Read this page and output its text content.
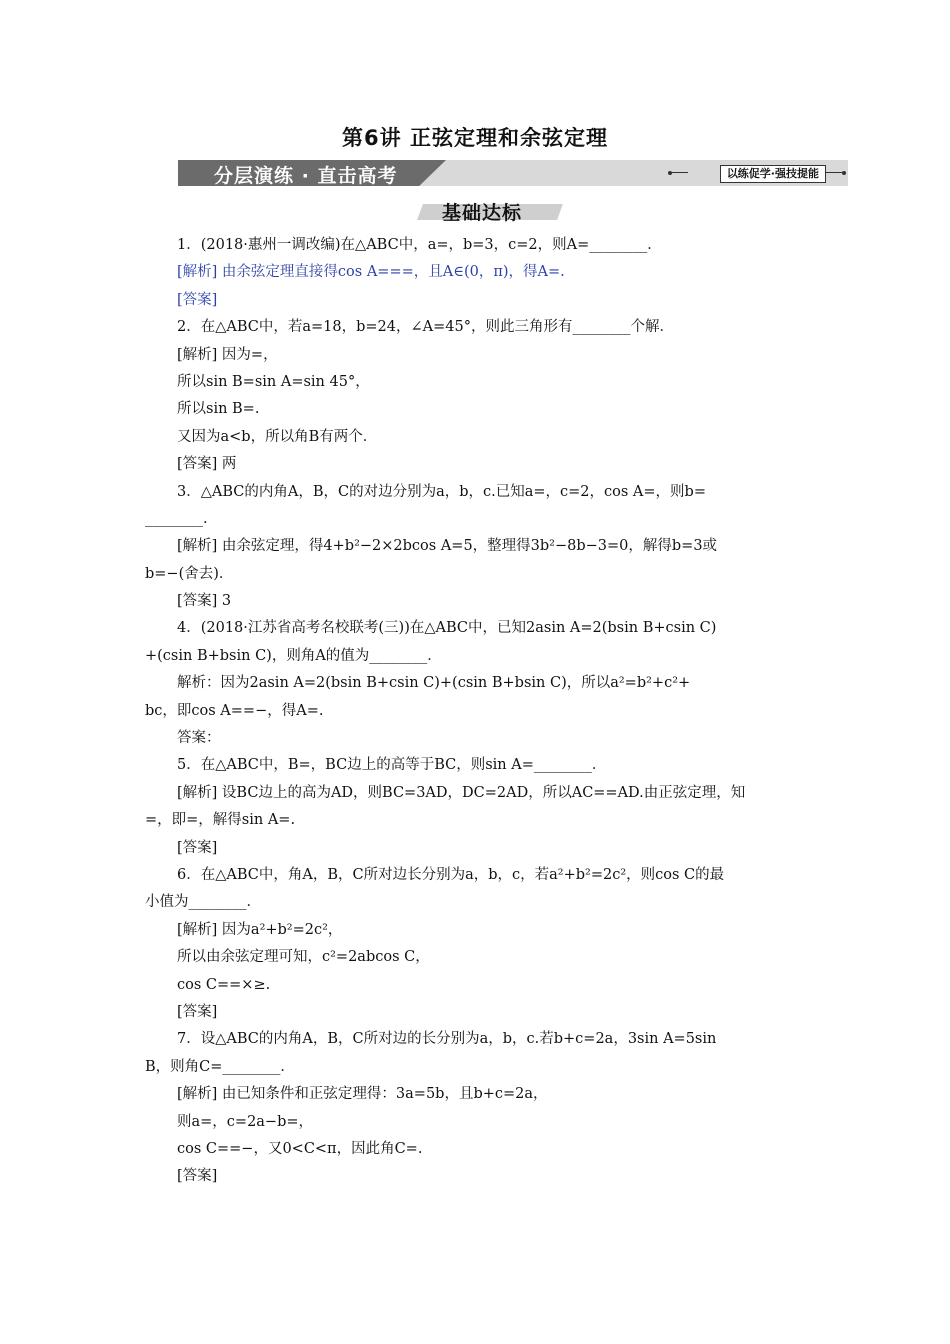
第6讲 正弦定理和余弦定理
分层演练 · 直击高考	以练促学·强技提能
基础达标
1．(2018·惠州一调改编)在△ABC中，a=，b=3，c=2，则A=________．
[解析] 由余弦定理直接得cos A===，且A∈(0，π)，得A=.
[答案]
2．在△ABC中，若a=18，b=24，∠A=45°，则此三角形有________个解．
[解析] 因为=，
所以sin B=sin A=sin 45°，
所以sin B=.
又因为a<b，所以角B有两个．
[答案] 两
3．△ABC的内角A，B，C的对边分别为a，b，c.已知a=，c=2，cos A=，则b=
________.
[解析] 由余弦定理，得4+b²−2×2bcos A=5，整理得3b²−8b−3=0，解得b=3或
b=−(舍去)．
[答案] 3
4．(2018·江苏省高考名校联考(三))在△ABC中，已知2asin A=2(bsin B+csin C)
+(csin B+bsin C)，则角A的值为________．
解析：因为2asin A=2(bsin B+csin C)+(csin B+bsin C)，所以a²=b²+c²+
bc，即cos A==−，得A=.
答案：
5．在△ABC中，B=，BC边上的高等于BC，则sin A=________．
[解析] 设BC边上的高为AD，则BC=3AD，DC=2AD，所以AC==AD.由正弦定理，知
=，即=，解得sin A=.
[答案]
6．在△ABC中，角A，B，C所对边长分别为a，b，c，若a²+b²=2c²，则cos C的最
小值为________．
[解析] 因为a²+b²=2c²，
所以由余弦定理可知，c²=2abcos C，
cos C==×≥.
[答案]
7．设△ABC的内角A，B，C所对边的长分别为a，b，c.若b+c=2a，3sin A=5sin
B，则角C=________．
[解析] 由已知条件和正弦定理得：3a=5b，且b+c=2a，
则a=，c=2a−b=，
cos C==−，又0<C<π，因此角C=.
[答案]
